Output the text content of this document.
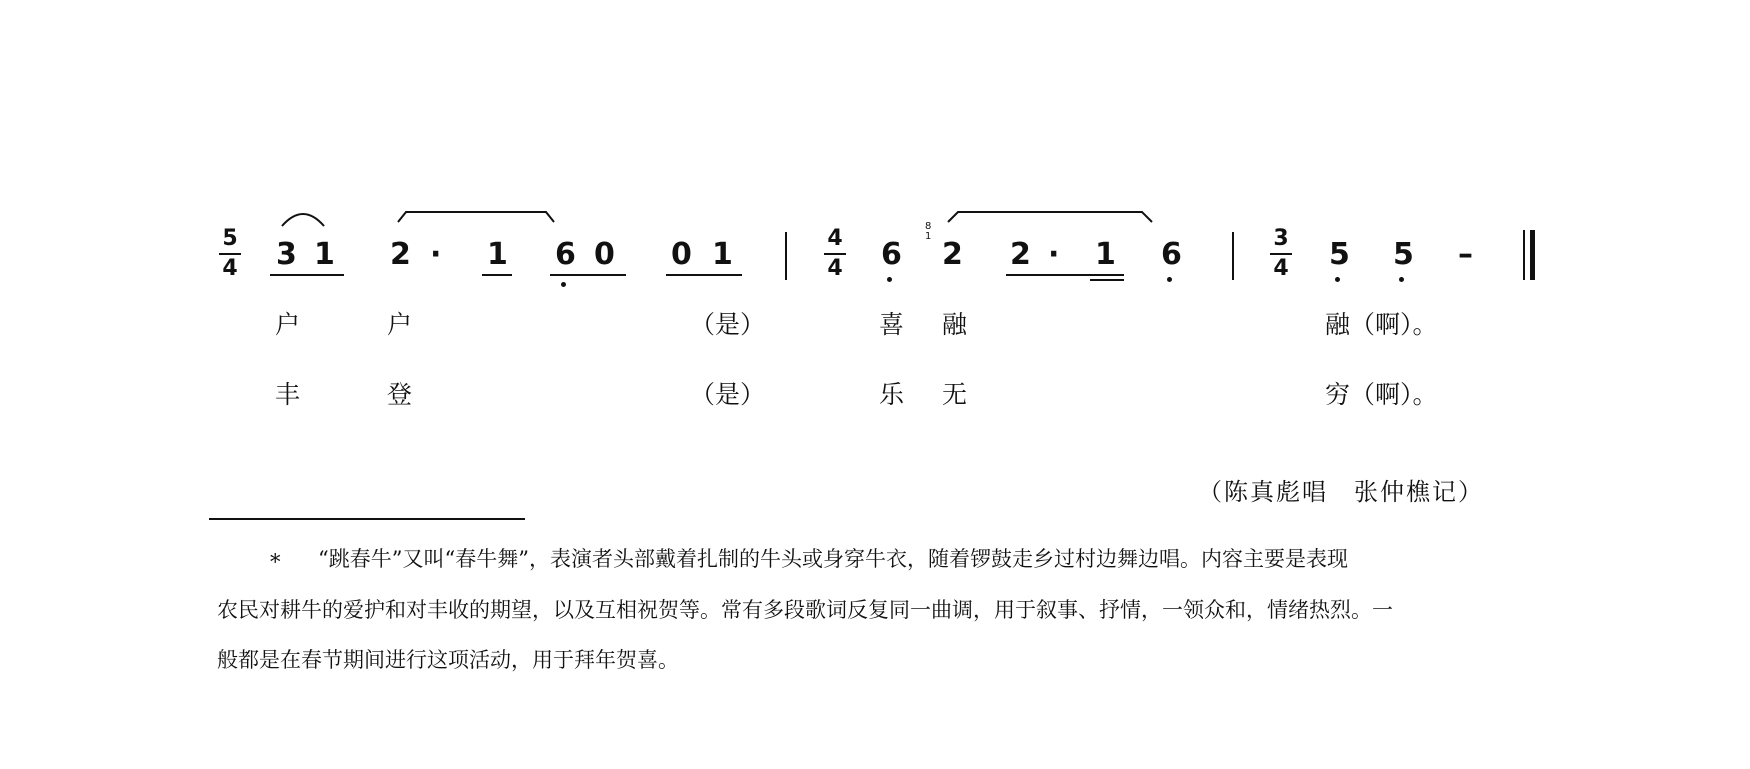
5
4 3 1 2 · 1 6 0 0 1	4
4 6
8 1
2 2 · 1 6	3
4 5 5 –
户	户	（是）	喜 融	融（啊）。
丰	登	（是）	乐 无	穷（啊）。
（陈真彪唱　张仲樵记）
* “跳春牛”又叫“春牛舞”，表演者头部戴着扎制的牛头或身穿牛衣，随着锣鼓走乡过村边舞边唱。内容主要是表现
农民对耕牛的爱护和对丰收的期望，以及互相祝贺等。常有多段歌词反复同一曲调，用于叙事、抒情，一领众和，情绪热烈。一
般都是在春节期间进行这项活动，用于拜年贺喜。
